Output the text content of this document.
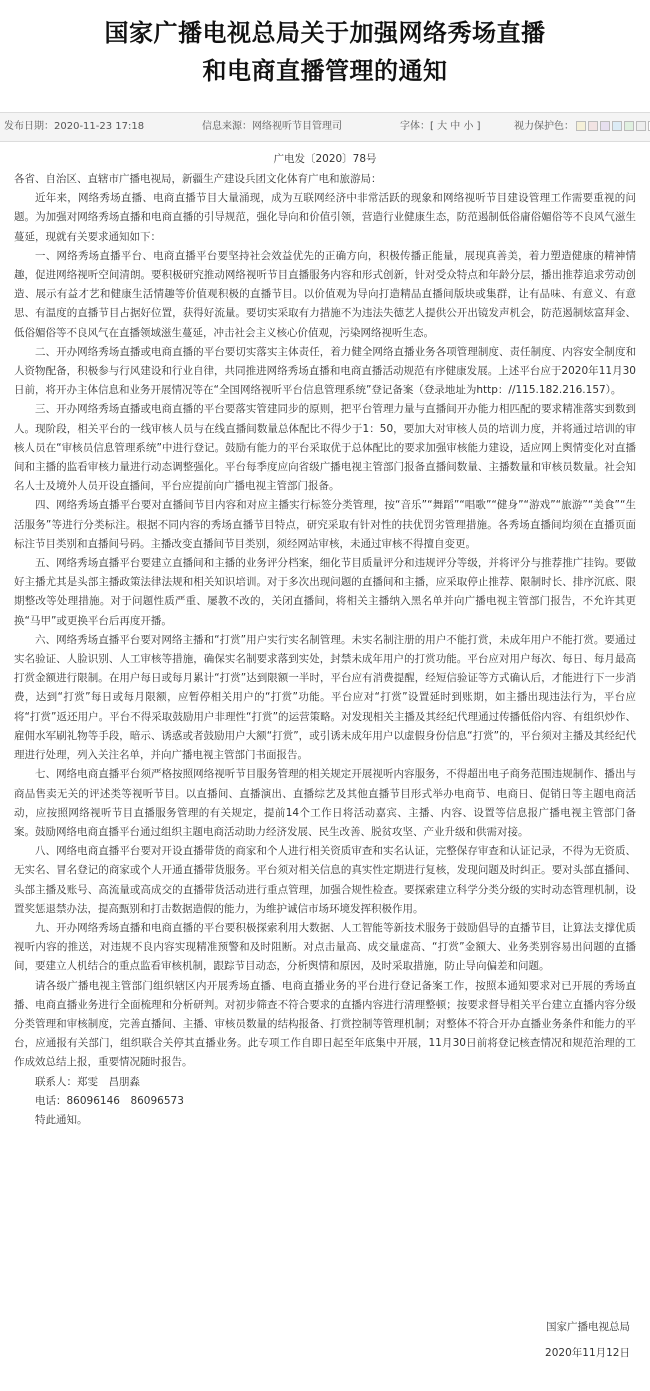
国家广播电视总局关于加强网络秀场直播
和电商直播管理的通知
发布日期：2020-11-23 17:18	信息来源：网络视听节目管理司	字体：[ 大 中 小 ]	视力保护色：
广电发〔2020〕78号

各省、自治区、直辖市广播电视局，新疆生产建设兵团文化体育广电和旅游局：

近年来，网络秀场直播、电商直播节目大量涌现，成为互联网经济中非常活跃的现象和网络视听节目建设管理工作需要重视的问题。为加强对网络秀场直播和电商直播的引导规范，强化导向和价值引领，营造行业健康生态，防范遏制低俗庸俗媚俗等不良风气滋生蔓延，现就有关要求通知如下：

一、网络秀场直播平台、电商直播平台要坚持社会效益优先的正确方向，积极传播正能量，展现真善美，着力塑造健康的精神情趣，促进网络视听空间清朗。要积极研究推动网络视听节目直播服务内容和形式创新，针对受众特点和年龄分层，播出推荐追求劳动创造、展示有益才艺和健康生活情趣等价值观积极的直播节目。以价值观为导向打造精品直播间版块或集群，让有品味、有意义、有意思、有温度的直播节目占据好位置，获得好流量。要切实采取有力措施不为违法失德艺人提供公开出镜发声机会，防范遏制炫富拜金、低俗媚俗等不良风气在直播领域滋生蔓延，冲击社会主义核心价值观，污染网络视听生态。

二、开办网络秀场直播或电商直播的平台要切实落实主体责任，着力健全网络直播业务各项管理制度、责任制度、内容安全制度和人资物配备，积极参与行风建设和行业自律，共同推进网络秀场直播和电商直播活动规范有序健康发展。上述平台应于2020年11月30日前，将开办主体信息和业务开展情况等在“全国网络视听平台信息管理系统”登记备案（登录地址为http：//115.182.216.157）。

三、开办网络秀场直播或电商直播的平台要落实管建同步的原则，把平台管理力量与直播间开办能力相匹配的要求精准落实到数到人。现阶段，相关平台的一线审核人员与在线直播间数量总体配比不得少于1：50，要加大对审核人员的培训力度，并将通过培训的审核人员在“审核员信息管理系统”中进行登记。鼓励有能力的平台采取优于总体配比的要求加强审核能力建设，适应网上舆情变化对直播间和主播的监看审核力量进行动态调整强化。平台每季度应向省级广播电视主管部门报备直播间数量、主播数量和审核员数量。社会知名人士及境外人员开设直播间，平台应提前向广播电视主管部门报备。

四、网络秀场直播平台要对直播间节目内容和对应主播实行标签分类管理，按“音乐”“舞蹈”“唱歌”“健身”“游戏”“旅游”“美食”“生活服务”等进行分类标注。根据不同内容的秀场直播节目特点，研究采取有针对性的扶优罚劣管理措施。各秀场直播间均须在直播页面标注节目类别和直播间号码。主播改变直播间节目类别，须经网站审核，未通过审核不得擅自变更。

五、网络秀场直播平台要建立直播间和主播的业务评分档案，细化节目质量评分和违规评分等级，并将评分与推荐推广挂钩。要做好主播尤其是头部主播政策法律法规和相关知识培训。对于多次出现问题的直播间和主播，应采取停止推荐、限制时长、排序沉底、限期整改等处理措施。对于问题性质严重、屡教不改的，关闭直播间，将相关主播纳入黑名单并向广播电视主管部门报告，不允许其更换“马甲”或更换平台后再度开播。

六、网络秀场直播平台要对网络主播和“打赏”用户实行实名制管理。未实名制注册的用户不能打赏，未成年用户不能打赏。要通过实名验证、人脸识别、人工审核等措施，确保实名制要求落到实处，封禁未成年用户的打赏功能。平台应对用户每次、每日、每月最高打赏金额进行限制。在用户每日或每月累计“打赏”达到限额一半时，平台应有消费提醒，经短信验证等方式确认后，才能进行下一步消费，达到“打赏”每日或每月限额，应暂停相关用户的“打赏”功能。平台应对“打赏”设置延时到账期，如主播出现违法行为，平台应将“打赏”返还用户。平台不得采取鼓励用户非理性“打赏”的运营策略。对发现相关主播及其经纪代理通过传播低俗内容、有组织炒作、雇佣水军刷礼物等手段，暗示、诱惑或者鼓励用户大额“打赏”，或引诱未成年用户以虚假身份信息“打赏”的，平台须对主播及其经纪代理进行处理，列入关注名单，并向广播电视主管部门书面报告。

七、网络电商直播平台须严格按照网络视听节目服务管理的相关规定开展视听内容服务，不得超出电子商务范围违规制作、播出与商品售卖无关的评述类等视听节目。以直播间、直播演出、直播综艺及其他直播节目形式举办电商节、电商日、促销日等主题电商活动，应按照网络视听节目直播服务管理的有关规定，提前14个工作日将活动嘉宾、主播、内容、设置等信息报广播电视主管部门备案。鼓励网络电商直播平台通过组织主题电商活动助力经济发展、民生改善、脱贫攻坚、产业升级和供需对接。

八、网络电商直播平台要对开设直播带货的商家和个人进行相关资质审查和实名认证，完整保存审查和认证记录，不得为无资质、无实名、冒名登记的商家或个人开通直播带货服务。平台须对相关信息的真实性定期进行复核，发现问题及时纠正。要对头部直播间、头部主播及账号、高流量或高成交的直播带货活动进行重点管理，加强合规性检查。要探索建立科学分类分级的实时动态管理机制，设置奖惩退禁办法，提高甄别和打击数据造假的能力，为维护诚信市场环境发挥积极作用。

九、开办网络秀场直播和电商直播的平台要积极探索利用大数据、人工智能等新技术服务于鼓励倡导的直播节目，让算法支撑优质视听内容的推送，对违规不良内容实现精准预警和及时阻断。对点击量高、成交量虚高、“打赏”金额大、业务类别容易出问题的直播间，要建立人机结合的重点监看审核机制，跟踪节目动态，分析舆情和原因，及时采取措施，防止导向偏差和问题。

请各级广播电视主管部门组织辖区内开展秀场直播、电商直播业务的平台进行登记备案工作，按照本通知要求对已开展的秀场直播、电商直播业务进行全面梳理和分析研判。对初步筛查不符合要求的直播内容进行清理整顿；按要求督导相关平台建立直播内容分级分类管理和审核制度，完善直播间、主播、审核员数量的结构报备、打赏控制等管理机制；对整体不符合开办直播业务条件和能力的平台，应通报有关部门，组织联合关停其直播业务。此专项工作自即日起至年底集中开展，11月30日前将登记核查情况和规范治理的工作成效总结上报，重要情况随时报告。

联系人：郑雯　昌朋淼

电话：86096146　86096573

特此通知。

国家广播电视总局
2020年11月12日
